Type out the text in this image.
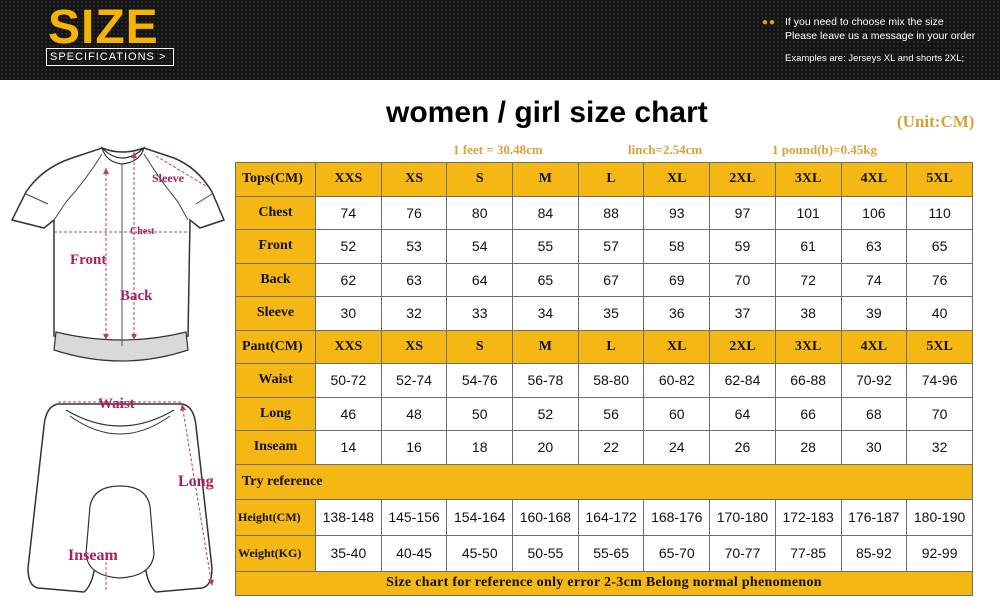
SIZE
SPECIFICATIONS >
●● If you need to choose mix the size
Please leave us a message in your order
Examples are: Jerseys XL and shorts 2XL;
women / girl size chart	(Unit:CM)
1 feet = 30.48cm	linch=2.54cm	1 pound(b)=0.45kg
Sleeve
Chest
Front
Back
Waist
Long
Inseam
Tops(CM)	XXS	XS	S	M	L	XL	2XL	3XL	4XL	5XL
Chest	74	76	80	84	88	93	97	101	106	110
Front	52	53	54	55	57	58	59	61	63	65
Back	62	63	64	65	67	69	70	72	74	76
Sleeve	30	32	33	34	35	36	37	38	39	40
Pant(CM)	XXS	XS	S	M	L	XL	2XL	3XL	4XL	5XL
Waist	50-72	52-74	54-76	56-78	58-80	60-82	62-84	66-88	70-92	74-96
Long	46	48	50	52	56	60	64	66	68	70
Inseam	14	16	18	20	22	24	26	28	30	32
Try reference										
Height(CM)	138-148	145-156	154-164	160-168	164-172	168-176	170-180	172-183	176-187	180-190
Weight(KG)	35-40	40-45	45-50	50-55	55-65	65-70	70-77	77-85	85-92	92-99
Size chart for reference only error 2-3cm Belong normal phenomenon										
